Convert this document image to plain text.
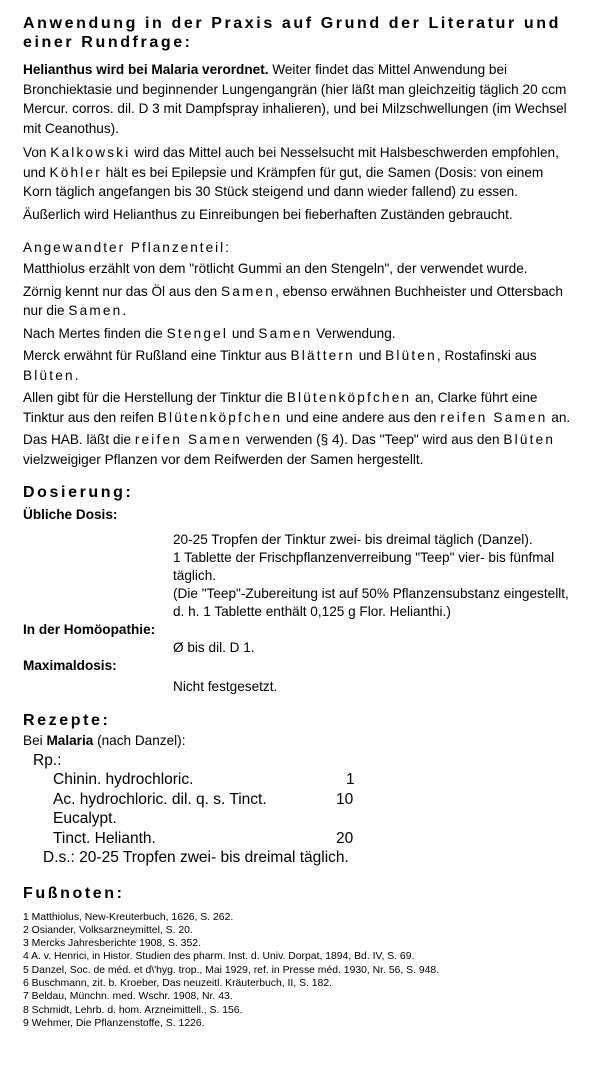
Anwendung in der Praxis auf Grund der Literatur und einer Rundfrage:

Helianthus wird bei Malaria verordnet. Weiter findet das Mittel Anwendung bei Bronchiektasie und beginnender Lungengangrän (hier läßt man gleichzeitig täglich 20 ccm Mercur. corros. dil. D 3 mit Dampfspray inhalieren), und bei Milzschwellungen (im Wechsel mit Ceanothus).

Von Kalkowski wird das Mittel auch bei Nesselsucht mit Halsbeschwerden empfohlen, und Köhler hält es bei Epilepsie und Krämpfen für gut, die Samen (Dosis: von einem Korn täglich angefangen bis 30 Stück steigend und dann wieder fallend) zu essen.

Äußerlich wird Helianthus zu Einreibungen bei fieberhaften Zuständen gebraucht.

Angewandter Pflanzenteil:

Matthiolus erzählt von dem "rötlicht Gummi an den Stengeln", der verwendet wurde.

Zörnig kennt nur das Öl aus den Samen, ebenso erwähnen Buchheister und Ottersbach nur die Samen.

Nach Mertes finden die Stengel und Samen Verwendung.

Merck erwähnt für Rußland eine Tinktur aus Blättern und Blüten, Rostafinski aus Blüten.

Allen gibt für die Herstellung der Tinktur die Blütenköpfchen an, Clarke führt eine Tinktur aus den reifen Blütenköpfchen und eine andere aus den reifen Samen an.

Das HAB. läßt die reifen Samen verwenden (§ 4). Das "Teep" wird aus den Blüten vielzweigiger Pflanzen vor dem Reifwerden der Samen hergestellt.

Dosierung:

Übliche Dosis:

20-25 Tropfen der Tinktur zwei- bis dreimal täglich (Danzel).

1 Tablette der Frischpflanzenverreibung "Teep" vier- bis fünfmal täglich.

(Die "Teep"-Zubereitung ist auf 50% Pflanzensubstanz eingestellt, d. h. 1 Tablette enthält 0,125 g Flor. Helianthi.)

In der Homöopathie:

Ø bis dil. D 1.

Maximaldosis:

Nicht festgesetzt.

Rezepte:

Bei Malaria (nach Danzel):

Rp.:

Chinin. hydrochloric.	1
Ac. hydrochloric. dil. q. s. Tinct.	10
Eucalypt.
Tinct. Helianth.	20

D.s.: 20-25 Tropfen zwei- bis dreimal täglich.

Fußnoten:

1 Matthiolus, New-Kreuterbuch, 1626, S. 262.

2 Osiander, Volksarzneymittel, S. 20.

3 Mercks Jahresberichte 1908, S. 352.

4 A. v. Henrici, in Histor. Studien des pharm. Inst. d. Univ. Dorpat, 1894, Bd. IV, S. 69.

5 Danzel, Soc. de méd. et d\'hyg. trop., Mai 1929, ref. in Presse méd. 1930, Nr. 56, S. 948.

6 Buschmann, zit. b. Kroeber, Das neuzeitl. Kräuterbuch, II, S. 182.

7 Beldau, Münchn. med. Wschr. 1908, Nr. 43.

8 Schmidt, Lehrb. d. hom. Arzneimittell., S. 156.

9 Wehmer, Die Pflanzenstoffe, S. 1226.
